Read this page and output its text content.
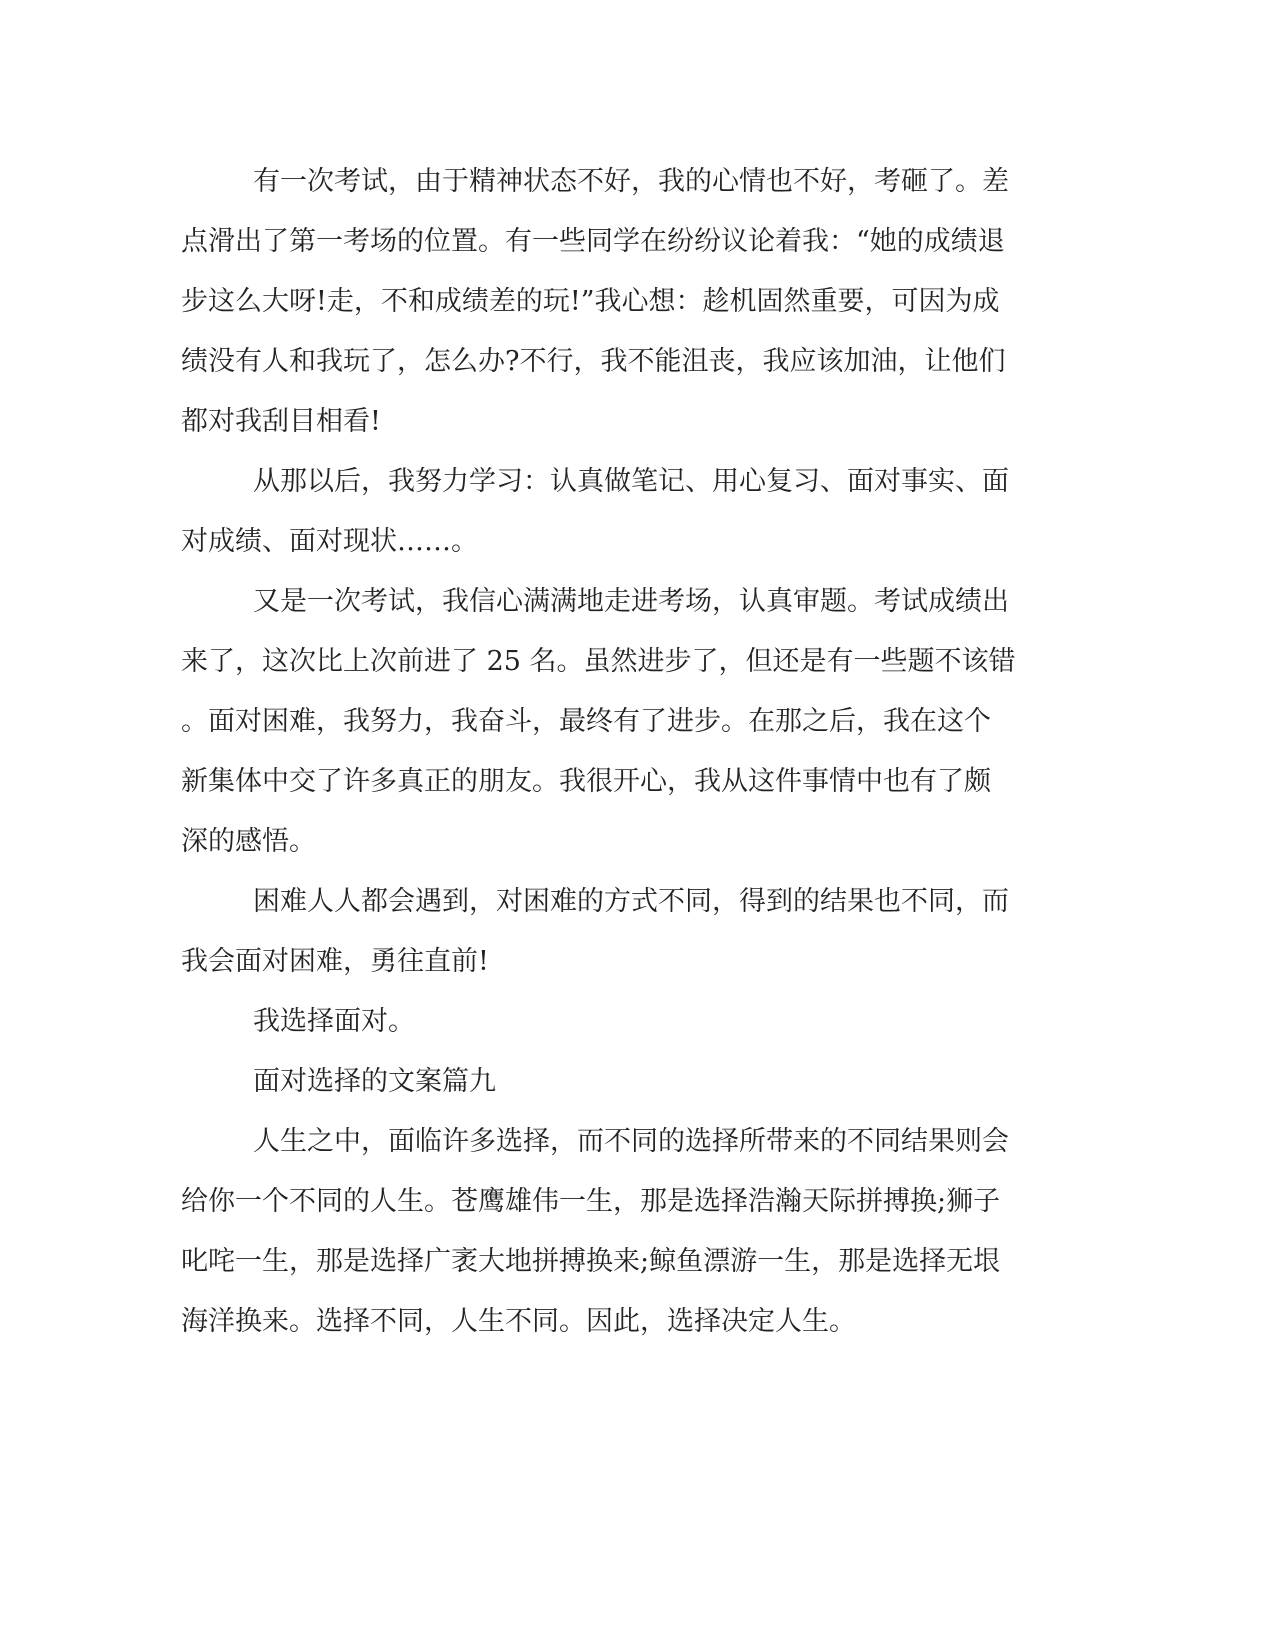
有一次考试，由于精神状态不好，我的心情也不好，考砸了。差
点滑出了第一考场的位置。有一些同学在纷纷议论着我：“她的成绩退
步这么大呀!走，不和成绩差的玩!”我心想：趁机固然重要，可因为成
绩没有人和我玩了，怎么办?不行，我不能沮丧，我应该加油，让他们
都对我刮目相看!
从那以后，我努力学习：认真做笔记、用心复习、面对事实、面
对成绩、面对现状……。
又是一次考试，我信心满满地走进考场，认真审题。考试成绩出
来了，这次比上次前进了 25 名。虽然进步了，但还是有一些题不该错
。面对困难，我努力，我奋斗，最终有了进步。在那之后，我在这个
新集体中交了许多真正的朋友。我很开心，我从这件事情中也有了颇
深的感悟。
困难人人都会遇到，对困难的方式不同，得到的结果也不同，而
我会面对困难，勇往直前!
我选择面对。
面对选择的文案篇九
人生之中，面临许多选择，而不同的选择所带来的不同结果则会
给你一个不同的人生。苍鹰雄伟一生，那是选择浩瀚天际拼搏换;狮子
叱咤一生，那是选择广袤大地拼搏换来;鲸鱼漂游一生，那是选择无垠
海洋换来。选择不同，人生不同。因此，选择决定人生。
